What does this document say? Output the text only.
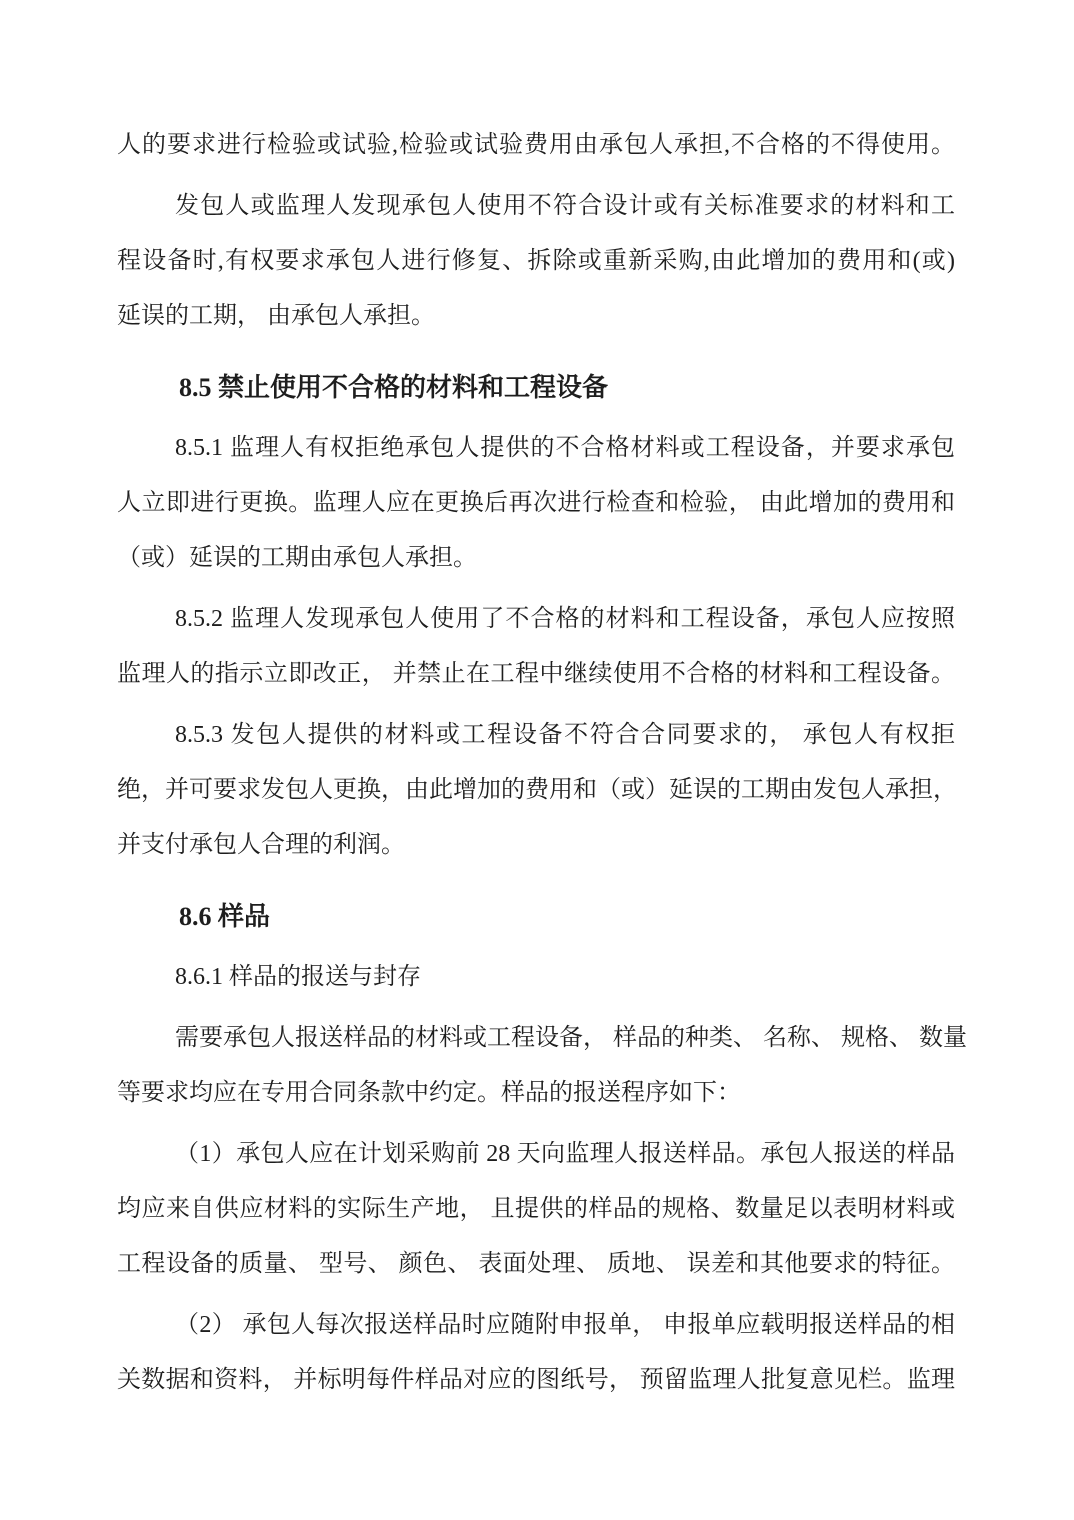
人的要求进行检验或试验,检验或试验费用由承包人承担,不合格的不得使用。
发包人或监理人发现承包人使用不符合设计或有关标准要求的材料和工
程设备时,有权要求承包人进行修复、拆除或重新采购,由此增加的费用和(或)
延误的工期， 由承包人承担。
8.5 禁止使用不合格的材料和工程设备
8.5.1 监理人有权拒绝承包人提供的不合格材料或工程设备，并要求承包
人立即进行更换。监理人应在更换后再次进行检查和检验， 由此增加的费用和
（或）延误的工期由承包人承担。
8.5.2 监理人发现承包人使用了不合格的材料和工程设备，承包人应按照
监理人的指示立即改正， 并禁止在工程中继续使用不合格的材料和工程设备。
8.5.3 发包人提供的材料或工程设备不符合合同要求的， 承包人有权拒
绝，并可要求发包人更换，由此增加的费用和（或）延误的工期由发包人承担，
并支付承包人合理的利润。
8.6 样品
8.6.1 样品的报送与封存
需要承包人报送样品的材料或工程设备， 样品的种类、 名称、 规格、 数量
等要求均应在专用合同条款中约定。样品的报送程序如下：
（1）承包人应在计划采购前 28 天向监理人报送样品。承包人报送的样品
均应来自供应材料的实际生产地， 且提供的样品的规格、数量足以表明材料或
工程设备的质量、 型号、 颜色、 表面处理、 质地、 误差和其他要求的特征。
（2） 承包人每次报送样品时应随附申报单， 申报单应载明报送样品的相
关数据和资料， 并标明每件样品对应的图纸号， 预留监理人批复意见栏。监理
